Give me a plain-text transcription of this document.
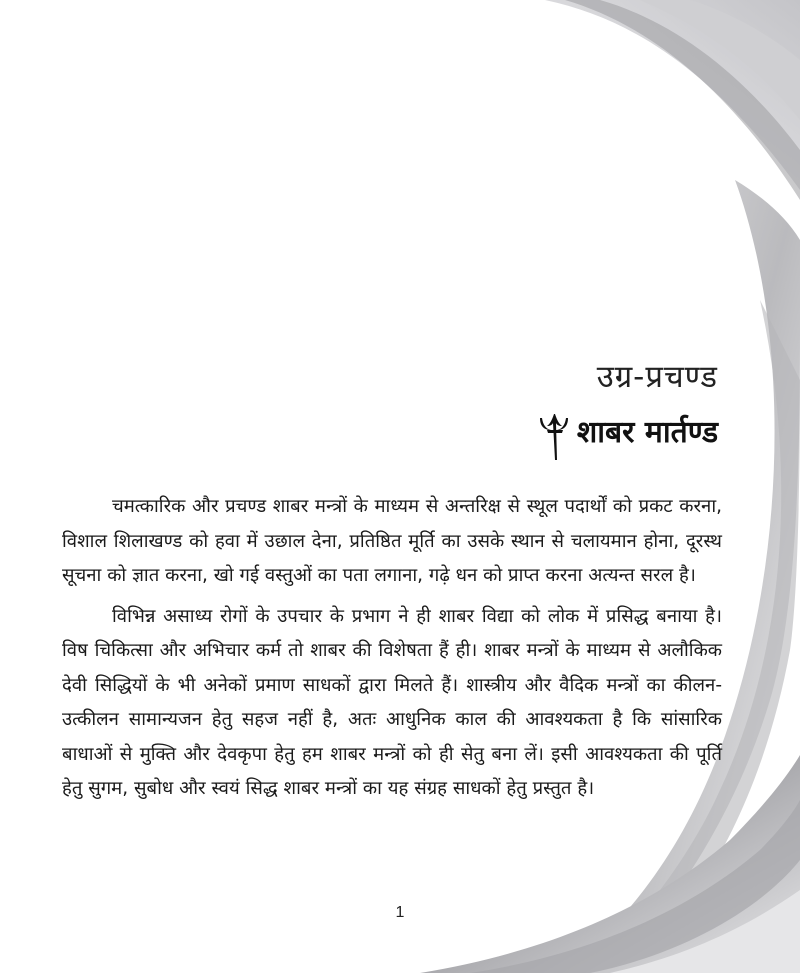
उग्र-प्रचण्ड
शाबर मार्तण्ड

चमत्कारिक और प्रचण्ड शाबर मन्त्रों के माध्यम से अन्तरिक्ष से स्थूल पदार्थों को प्रकट करना, विशाल शिलाखण्ड को हवा में उछाल देना, प्रतिष्ठित मूर्ति का उसके स्थान से चलायमान होना, दूरस्थ सूचना को ज्ञात करना, खो गई वस्तुओं का पता लगाना, गढ़े धन को प्राप्त करना अत्यन्त सरल है।

विभिन्न असाध्य रोगों के उपचार के प्रभाग ने ही शाबर विद्या को लोक में प्रसिद्ध बनाया है। विष चिकित्सा और अभिचार कर्म तो शाबर की विशेषता हैं ही। शाबर मन्त्रों के माध्यम से अलौकिक देवी सिद्धियों के भी अनेकों प्रमाण साधकों द्वारा मिलते हैं। शास्त्रीय और वैदिक मन्त्रों का कीलन-उत्कीलन सामान्यजन हेतु सहज नहीं है, अतः आधुनिक काल की आवश्यकता है कि सांसारिक बाधाओं से मुक्ति और देवकृपा हेतु हम शाबर मन्त्रों को ही सेतु बना लें। इसी आवश्यकता की पूर्ति हेतु सुगम, सुबोध और स्वयं सिद्ध शाबर मन्त्रों का यह संग्रह साधकों हेतु प्रस्तुत है।

1
